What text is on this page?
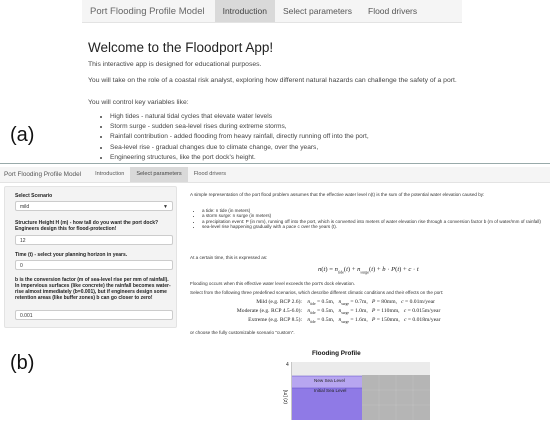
Port Flooding Profile Model	Introduction	Select parameters	Flood drivers
Welcome to the Floodport App!
This interactive app is designed for educational purposes.
You will take on the role of a coastal risk analyst, exploring how different natural hazards can challenge the safety of a port.
You will control key variables like:
• High tides - natural tidal cycles that elevate water levels
• Storm surge - sudden sea-level rises during extreme storms,
• Rainfall contribution - added flooding from heavy rainfall, directly running off into the port,
• Sea-level rise - gradual changes due to climate change, over the years,
• Engineering structures, like the port dock's height.
(a)
Port Flooding Profile Model	Introduction	Select parameters	Flood drivers
Select Scenario
mild	▼
Structure Height H (m) - how tall do you want the port dock? Engineers design this for flood-protection!
12
Time (t) - select your planning horizon in years.
0
b is the conversion factor (m of sea-level rise per mm of rainfall). In impervious surfaces (like concrete) the rainfall becomes water-rise almost immediately (b=0.001), but if engineers design some retention areas (like buffer zones) b can go closer to zero!
0.001
A simple representation of the port flood problem assumes that the effective water level n(t) is the sum of the potential water elevation caused by:
• a tide: n tide (in meters)
• a storm surge: n surge (in meters)
• a precipitation event: P (in mm), running off into the port, which is converted into meters of water elevation rise through a conversion factor b (m of water/mm of rainfall)
• sea-level rise happening gradually with a pace c over the years (t).
At a certain time, this is expressed as:
$n(t) = n_{tide}(t) + n_{surge}(t) + b \cdot P(t) + c \cdot t$
Flooding occurs when this effective water level exceeds the port's dock elevation.
Select from the following three predefined scenarios, which describe different climatic conditions and their effects on the port:
Mild (e.g. RCP 2.6): $n_{tide} = 0.5m$,   $n_{surge} = 0.7m$,   P = 80mm,   c = 0.01m/year
Moderate (e.g. RCP 4.5-6.0): $n_{tide} = 0.5m$,   $n_{surge} = 1.0m$,   P = 110mm,   c = 0.015m/year
Extreme (e.g. RCP 8.5): $n_{tide} = 0.5m$,   $n_{surge} = 1.6m$,   P = 150mm,   c = 0.018m/year
or choose the fully customizable scenario "custom".
(b)	Flooding Profile
(z) [m]
4
New Sea Level
Initial Sea Level
